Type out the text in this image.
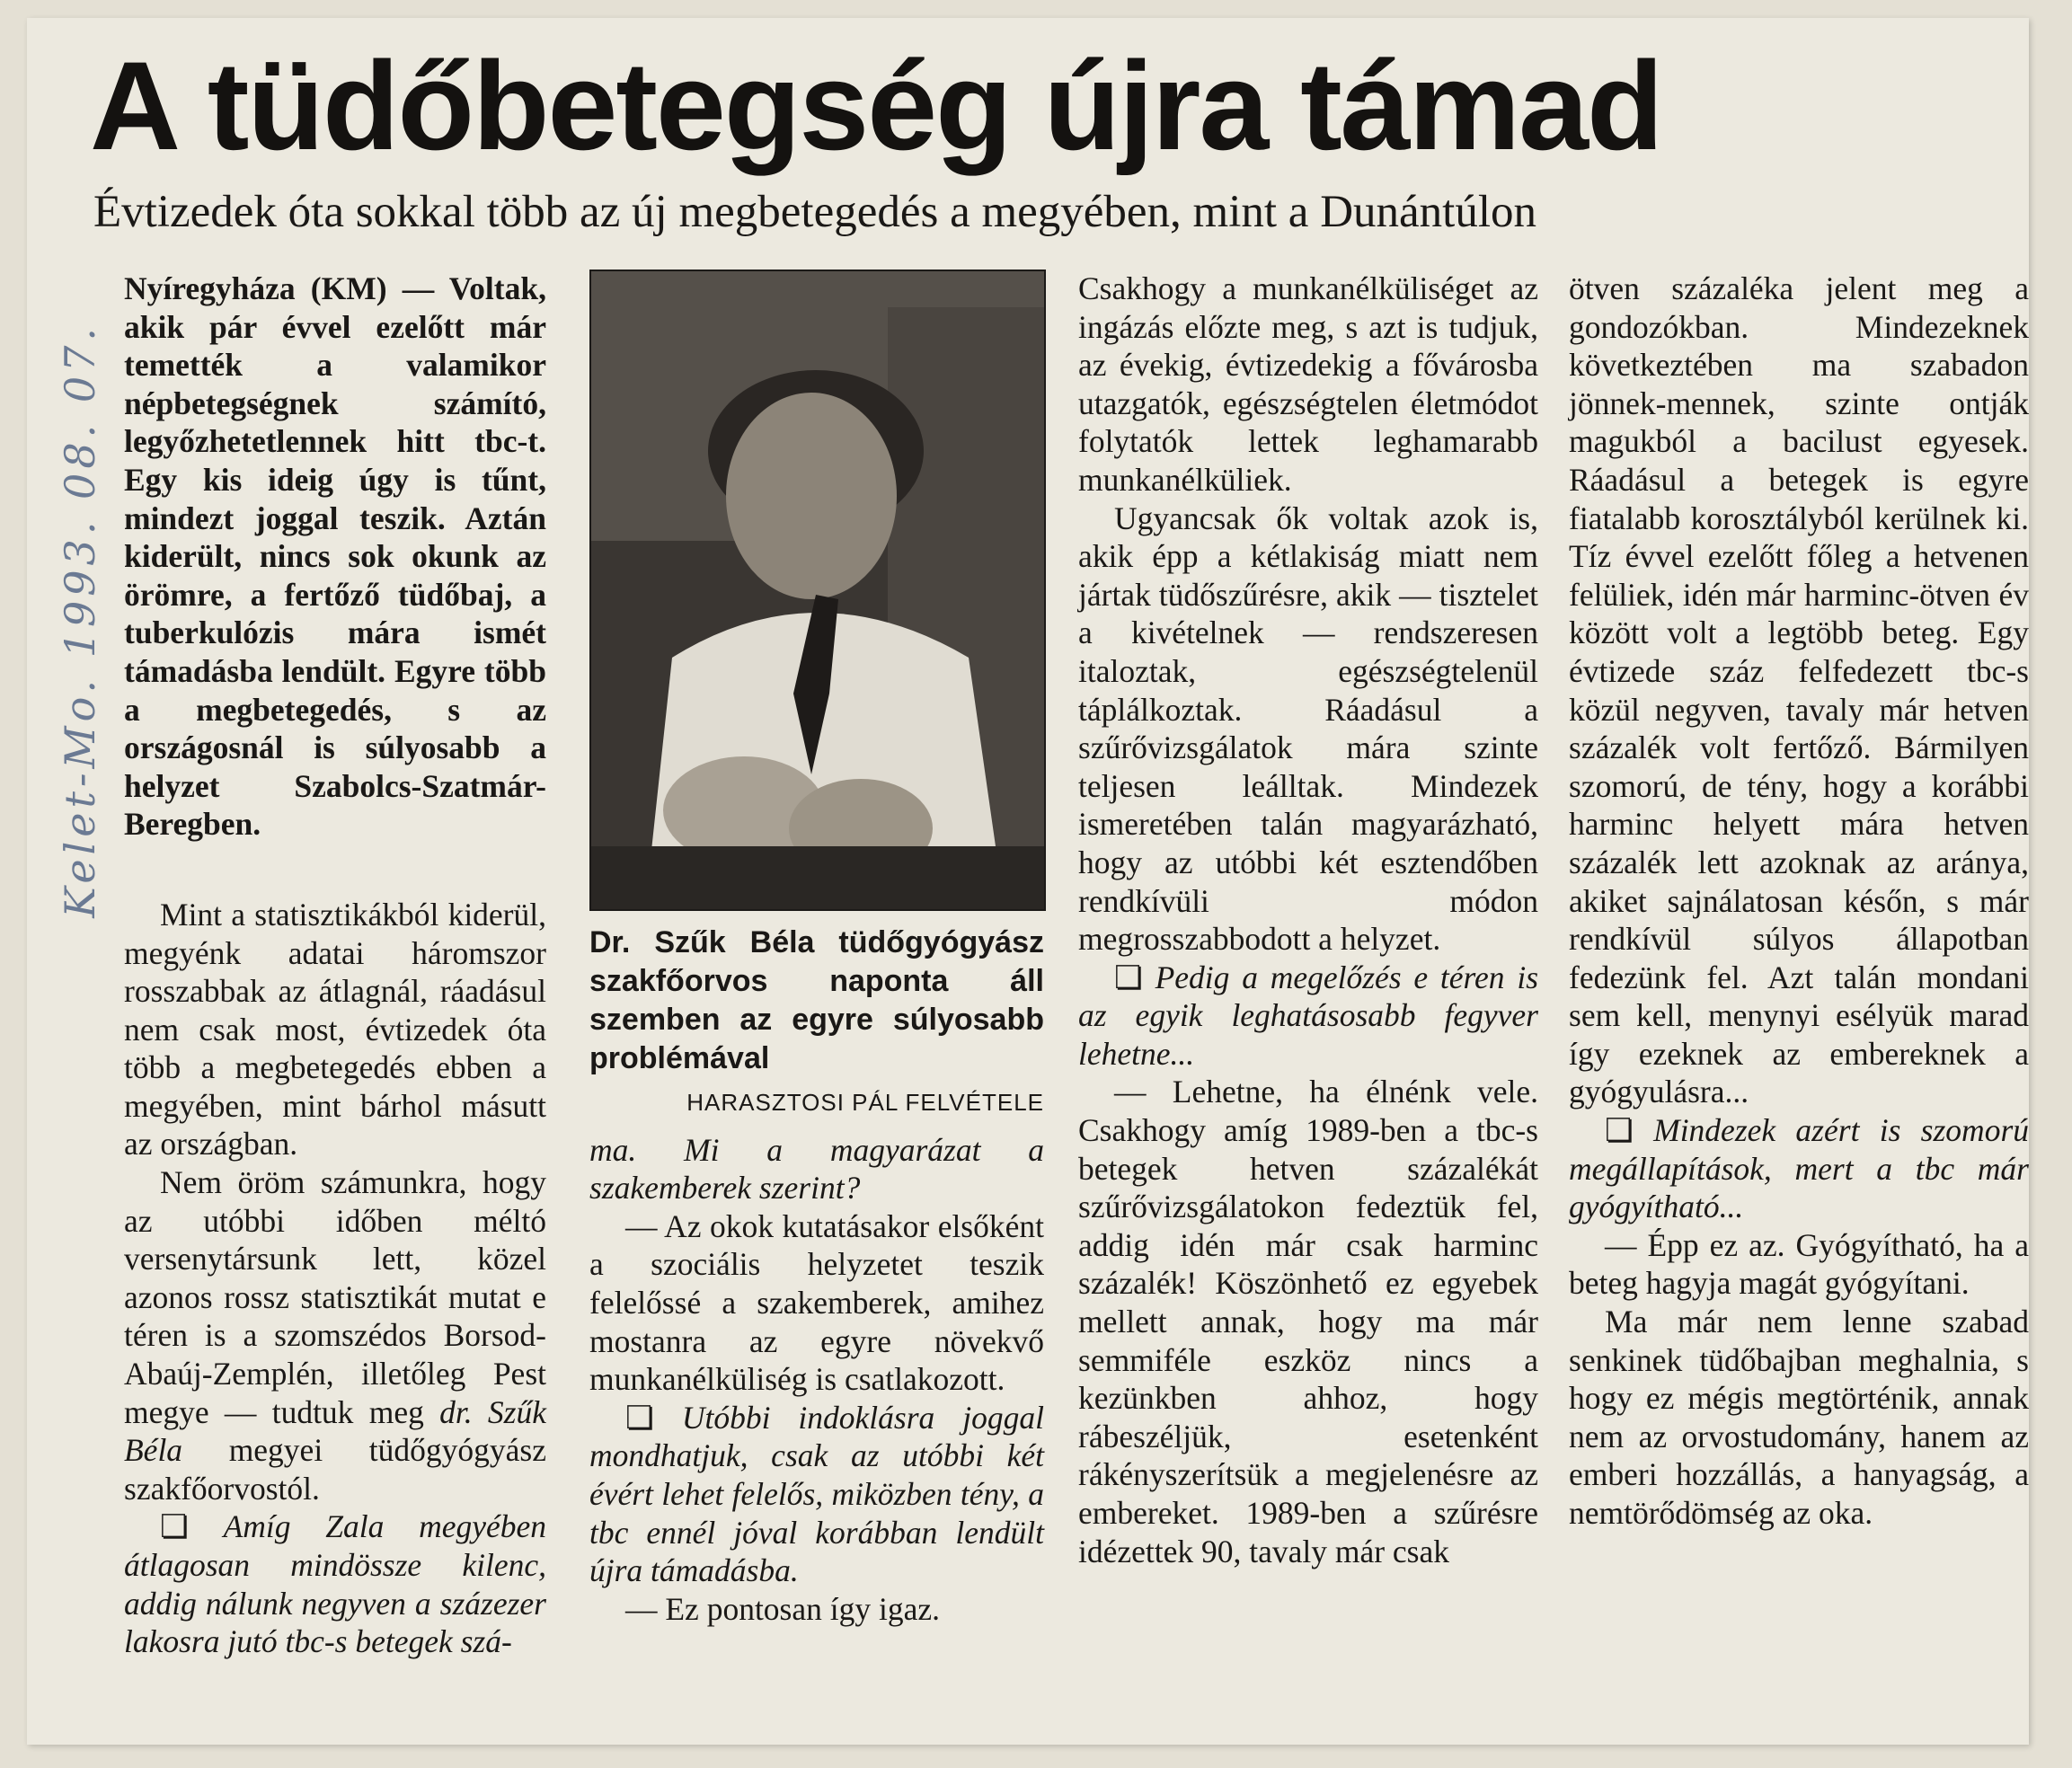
A tüdőbetegség újra támad
Évtizedek óta sokkal több az új megbetegedés a megyében, mint a Dunántúlon
Kelet-Mo. 1993. 08. 07.

Nyíregyháza (KM) — Voltak, akik pár évvel ezelőtt már temették a valamikor népbetegségnek számító, legyőzhetetlennek hitt tbc-t. Egy kis ideig úgy is tűnt, mindezt joggal teszik. Aztán kiderült, nincs sok okunk az örömre, a fertőző tüdőbaj, a tuberkulózis mára ismét támadásba lendült. Egyre több a megbetegedés, s az országosnál is súlyosabb a helyzet Szabolcs-Szatmár-Beregben.

Mint a statisztikákból kiderül, megyénk adatai háromszor rosszabbak az átlagnál, ráadásul nem csak most, évtizedek óta több a megbetegedés ebben a megyében, mint bárhol másutt az országban.

Nem öröm számunkra, hogy az utóbbi időben méltó versenytársunk lett, közel azonos rossz statisztikát mutat e téren is a szomszédos Borsod-Abaúj-Zemplén, illetőleg Pest megye — tudtuk meg dr. Szűk Béla megyei tüdőgyógyász szakfőorvostól.

❏ Amíg Zala megyében átlagosan mindössze kilenc, addig nálunk negyven a százezer lakosra jutó tbc-s betegek szá-

Dr. Szűk Béla tüdőgyógyász szakfőorvos naponta áll szemben az egyre súlyosabb problémával

HARASZTOSI PÁL FELVÉTELE

ma. Mi a magyarázat a szakemberek szerint?

— Az okok kutatásakor elsőként a szociális helyzetet teszik felelőssé a szakemberek, amihez mostanra az egyre növekvő munkanélküliség is csatlakozott.

❏ Utóbbi indoklásra joggal mondhatjuk, csak az utóbbi két évért lehet felelős, miközben tény, a tbc ennél jóval korábban lendült újra támadásba.

— Ez pontosan így igaz.

Csakhogy a munkanélküliséget az ingázás előzte meg, s azt is tudjuk, az évekig, évtizedekig a fővárosba utazgatók, egészségtelen életmódot folytatók lettek leghamarabb munkanélküliek.

Ugyancsak ők voltak azok is, akik épp a kétlakiság miatt nem jártak tüdőszűrésre, akik — tisztelet a kivételnek — rendszeresen italoztak, egészségtelenül táplálkoztak. Ráadásul a szűrővizsgálatok mára szinte teljesen leálltak. Mindezek ismeretében talán magyarázható, hogy az utóbbi két esztendőben rendkívüli módon megrosszabbodott a helyzet.

❏ Pedig a megelőzés e téren is az egyik leghatásosabb fegyver lehetne...

— Lehetne, ha élnénk vele. Csakhogy amíg 1989-ben a tbc-s betegek hetven százalékát szűrővizsgálatokon fedeztük fel, addig idén már csak harminc százalék! Köszönhető ez egyebek mellett annak, hogy ma már semmiféle eszköz nincs a kezünkben ahhoz, hogy rábeszéljük, esetenként rákényszerítsük a megjelenésre az embereket. 1989-ben a szűrésre idézettek 90, tavaly már csak

ötven százaléka jelent meg a gondozókban. Mindezeknek következtében ma szabadon jönnek-mennek, szinte ontják magukból a bacilust egyesek. Ráadásul a betegek is egyre fiatalabb korosztályból kerülnek ki. Tíz évvel ezelőtt főleg a hetvenen felüliek, idén már harminc-ötven év között volt a legtöbb beteg. Egy évtizede száz felfedezett tbc-s közül negyven, tavaly már hetven százalék volt fertőző. Bármilyen szomorú, de tény, hogy a korábbi harminc helyett mára hetven százalék lett azoknak az aránya, akiket sajnálatosan későn, s már rendkívül súlyos állapotban fedezünk fel. Azt talán mondani sem kell, menynyi esélyük marad így ezeknek az embereknek a gyógyulásra...

❏ Mindezek azért is szomorú megállapítások, mert a tbc már gyógyítható...

— Épp ez az. Gyógyítható, ha a beteg hagyja magát gyógyítani.

Ma már nem lenne szabad senkinek tüdőbajban meghalnia, s hogy ez mégis megtörténik, annak nem az orvostudomány, hanem az emberi hozzállás, a hanyagság, a nemtörődömség az oka.
